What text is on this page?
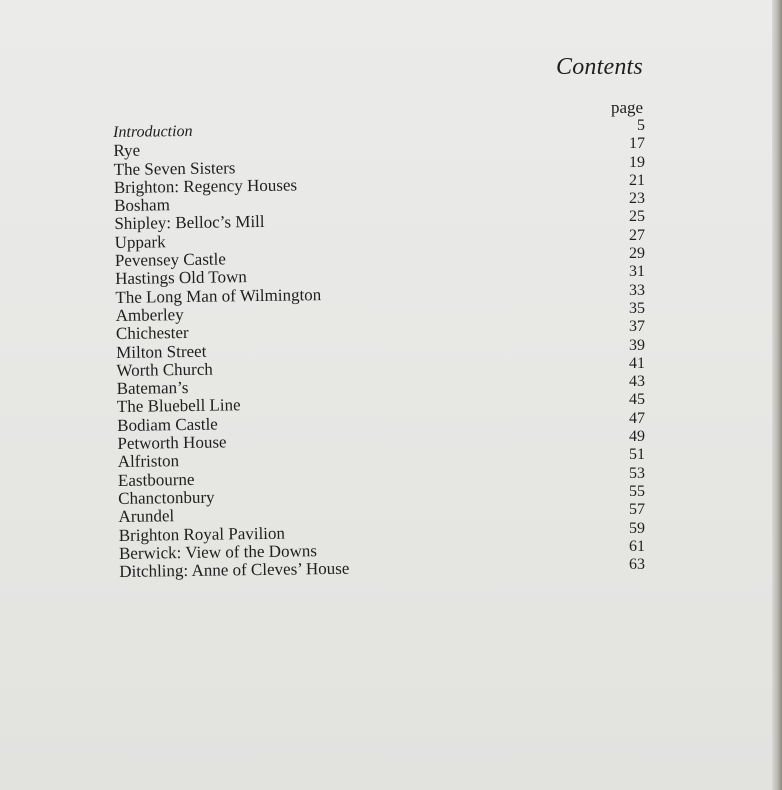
Contents
page
Introduction
Rye
The Seven Sisters
Brighton: Regency Houses
Bosham
Shipley: Belloc’s Mill
Uppark
Pevensey Castle
Hastings Old Town
The Long Man of Wilmington
Amberley
Chichester
Milton Street
Worth Church
Bateman’s
The Bluebell Line
Bodiam Castle
Petworth House
Alfriston
Eastbourne
Chanctonbury
Arundel
Brighton Royal Pavilion
Berwick: View of the Downs
Ditchling: Anne of Cleves’ House
5
17
19
21
23
25
27
29
31
33
35
37
39
41
43
45
47
49
51
53
55
57
59
61
63
